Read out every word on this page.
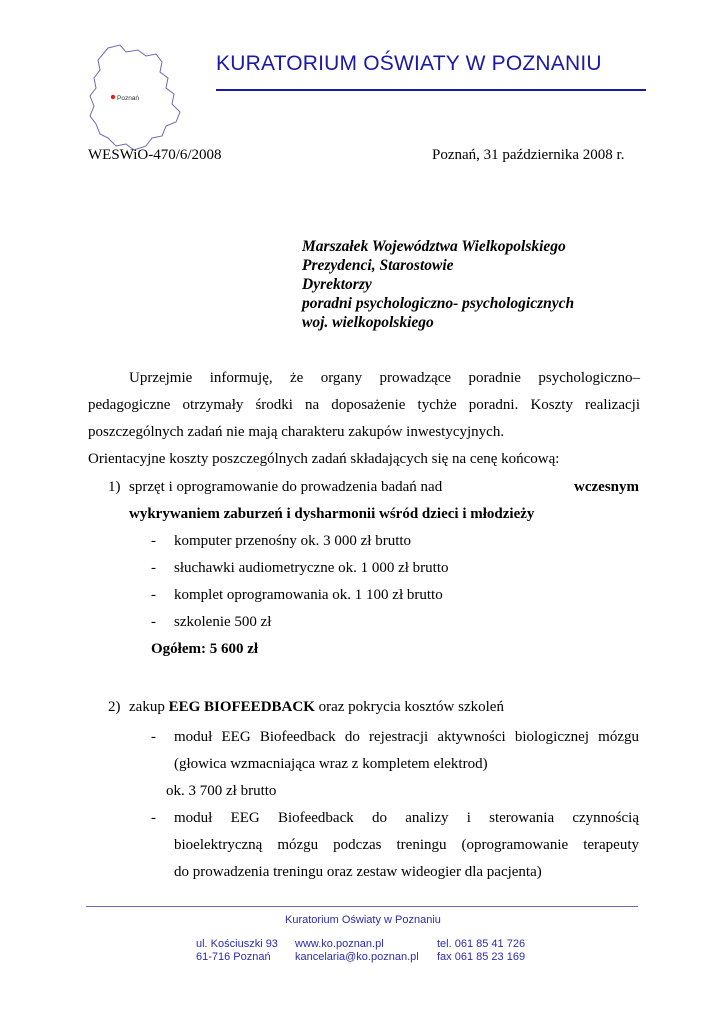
Poznań
KURATORIUM OŚWIATY W POZNANIU
WESWiO-470/6/2008	Poznań, 31 października 2008 r.
Marszałek Województwa Wielkopolskiego
Prezydenci, Starostowie
Dyrektorzy
poradni psychologiczno- psychologicznych
woj. wielkopolskiego
Uprzejmie informuję, że organy prowadzące poradnie psychologiczno–
pedagogiczne otrzymały środki na doposażenie tychże poradni. Koszty realizacji
poszczególnych zadań nie mają charakteru zakupów inwestycyjnych.
Orientacyjne koszty poszczególnych zadań składających się na cenę końcową:
1) sprzęt i oprogramowanie do prowadzenia badań nad	wczesnym
wykrywaniem zaburzeń i dysharmonii wśród dzieci i młodzieży
- komputer przenośny ok. 3 000 zł brutto
- słuchawki audiometryczne ok. 1 000 zł brutto
- komplet oprogramowania ok. 1 100 zł brutto
- szkolenie 500 zł
Ogółem: 5 600 zł
2) zakup EEG BIOFEEDBACK oraz pokrycia kosztów szkoleń
- moduł EEG Biofeedback do rejestracji aktywności biologicznej mózgu
(głowica wzmacniająca wraz z kompletem elektrod)
ok. 3 700 zł brutto
- moduł EEG Biofeedback do analizy i sterowania czynnością
bioelektryczną mózgu podczas treningu (oprogramowanie terapeuty
do prowadzenia treningu oraz zestaw wideogier dla pacjenta)
Kuratorium Oświaty w Poznaniu
ul. Kościuszki 93
61-716 Poznań
www.ko.poznan.pl
kancelaria@ko.poznan.pl
tel. 061 85 41 726
fax 061 85 23 169
